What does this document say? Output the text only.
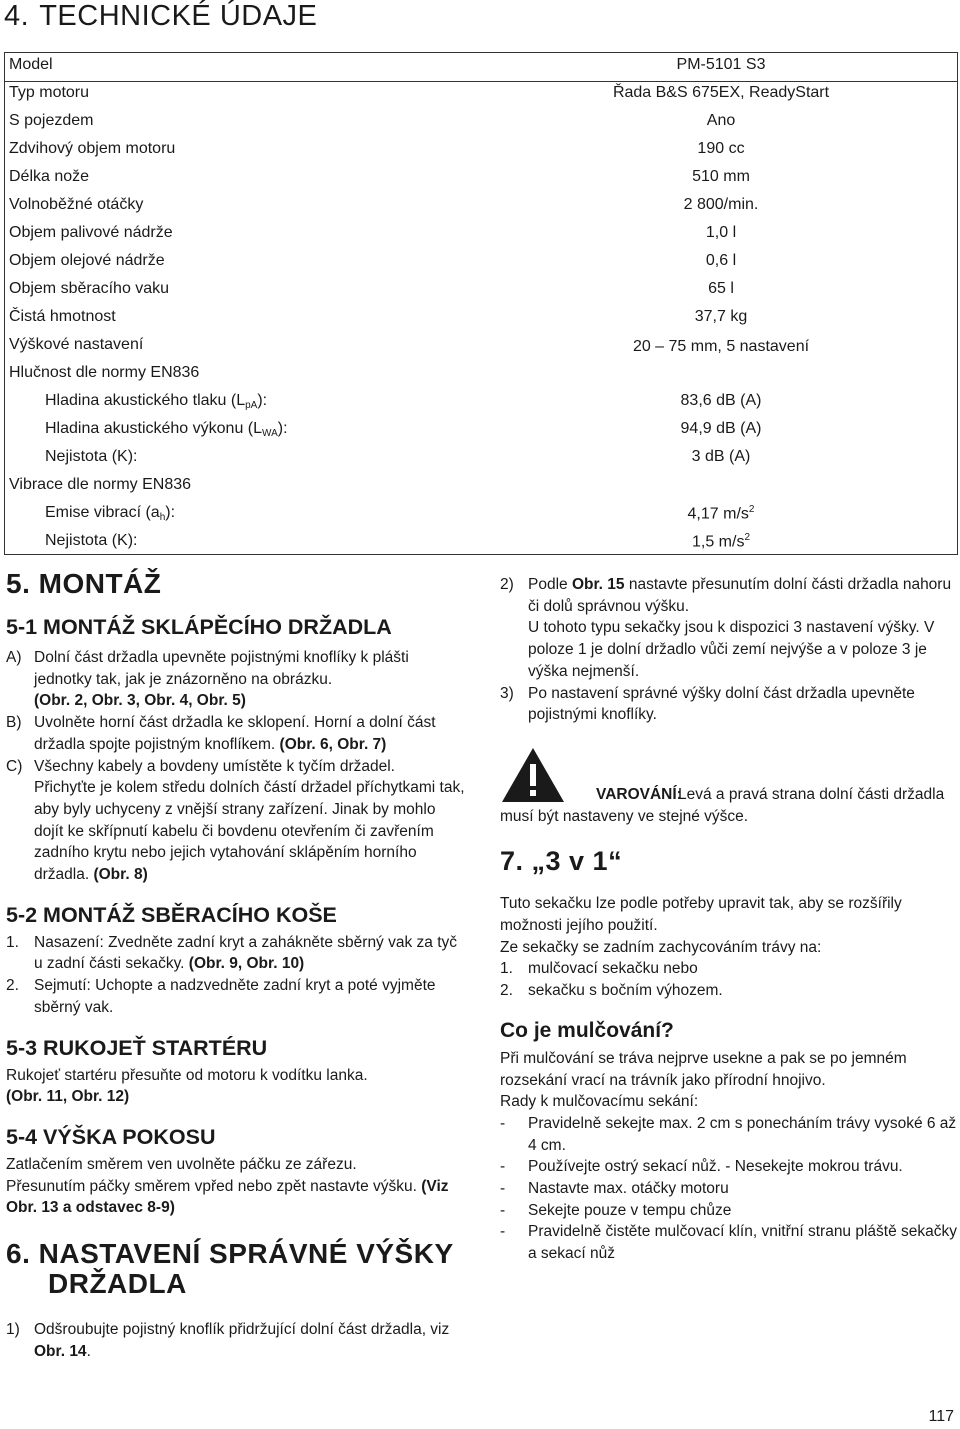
4. TECHNICKÉ ÚDAJE
Model	PM-5101 S3
Typ motoru	Řada B&S 675EX, ReadyStart
S pojezdem	Ano
Zdvihový objem motoru	190 cc
Délka nože	510 mm
Volnoběžné otáčky	2 800/min.
Objem palivové nádrže	1,0 l
Objem olejové nádrže	0,6 l
Objem sběracího vaku	65 l
Čistá hmotnost	37,7 kg
Výškové nastavení	20 – 75 mm, 5 nastavení
Hlučnost dle normy EN836
Hladina akustického tlaku $(L_{pA})$:	83,6 dB (A)
Hladina akustického výkonu $(L_{WA})$:	94,9 dB (A)
Nejistota (K):	3 dB (A)
Vibrace dle normy EN836
Emise vibrací $(a_h)$:	4,17 $m/s^2$
Nejistota (K):	1,5 $m/s^2$

5. MONTÁŽ

5-1 MONTÁŽ SKLÁPĚCÍHO DRŽADLA

A) Dolní část držadla upevněte pojistnými knoflíky k plášti jednotky tak, jak je znázorněno na obrázku.
(Obr. 2, Obr. 3, Obr. 4, Obr. 5)
B) Uvolněte horní část držadla ke sklopení. Horní a dolní část držadla spojte pojistným knoflíkem. (Obr. 6, Obr. 7)
C) Všechny kabely a bovdeny umístěte k tyčím držadel.
Přichyťte je kolem středu dolních částí držadel příchytkami tak, aby byly uchyceny z vnější strany zařízení. Jinak by mohlo dojít ke skřípnutí kabelu či bovdenu otevřením či zavřením zadního krytu nebo jejich vytahování sklápěním horního držadla. (Obr. 8)

5-2 MONTÁŽ SBĚRACÍHO KOŠE

1. Nasazení: Zvedněte zadní kryt a zahákněte sběrný vak za tyč u zadní části sekačky. (Obr. 9, Obr. 10)
2. Sejmutí: Uchopte a nadzvedněte zadní kryt a poté vyjměte sběrný vak.

5-3 RUKOJEŤ STARTÉRU

Rukojeť startéru přesuňte od motoru k vodítku lanka.
(Obr. 11, Obr. 12)

5-4 VÝŠKA POKOSU

Zatlačením směrem ven uvolněte páčku ze zářezu.
Přesunutím páčky směrem vpřed nebo zpět nastavte výšku. (Viz Obr. 13 a odstavec 8-9)

6. NASTAVENÍ SPRÁVNÉ VÝŠKY
DRŽADLA

1) Odšroubujte pojistný knoflík přidržující dolní část držadla, viz Obr. 14.
2) Podle Obr. 15 nastavte přesunutím dolní části držadla nahoru či dolů správnou výšku.
U tohoto typu sekačky jsou k dispozici 3 nastavení výšky. V poloze 1 je dolní držadlo vůči zemí nejvýše a v poloze 3 je výška nejmenší.
3) Po nastavení správné výšky dolní část držadla upevněte pojistnými knoflíky.

VAROVÁNÍ:

Levá a pravá strana dolní části držadla musí být nastaveny ve stejné výšce.

7. „3 v 1“

Tuto sekačku lze podle potřeby upravit tak, aby se rozšířily možnosti jejího použití.

Ze sekačky se zadním zachycováním trávy na:

1. mulčovací sekačku nebo
2. sekačku s bočním výhozem.

Co je mulčování?

Při mulčování se tráva nejprve usekne a pak se po jemném rozsekání vrací na trávník jako přírodní hnojivo.

Rady k mulčovacímu sekání:

- Pravidelně sekejte max. 2 cm s ponecháním trávy vysoké 6 až 4 cm.
- Používejte ostrý sekací nůž. - Nesekejte mokrou trávu.
- Nastavte max. otáčky motoru
- Sekejte pouze v tempu chůze
- Pravidelně čistěte mulčovací klín, vnitřní stranu pláště sekačky a sekací nůž
117
